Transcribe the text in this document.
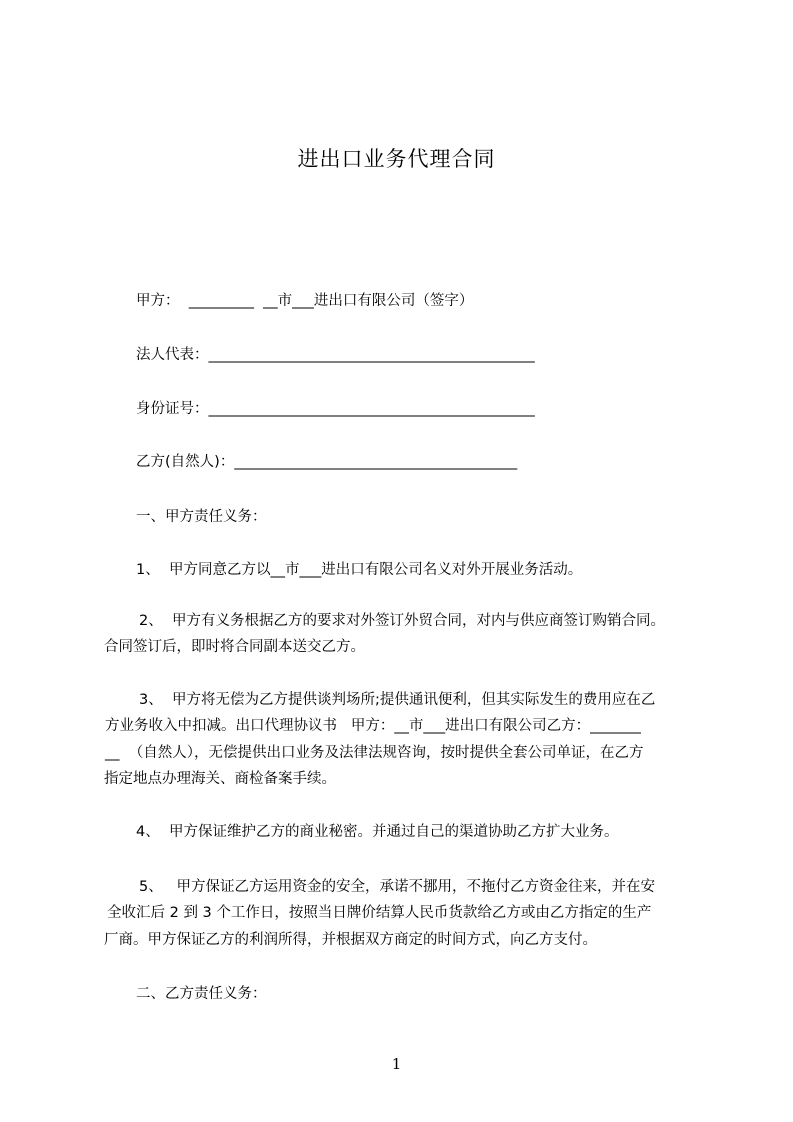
进出口业务代理合同
甲方：  _________  __市___进出口有限公司（签字）
法人代表：_____________________________________________
身份证号：_____________________________________________
乙方(自然人)：_______________________________________
一、甲方责任义务：
1、  甲方同意乙方以__市___进出口有限公司名义对外开展业务活动。
2、  甲方有义务根据乙方的要求对外签订外贸合同，对内与供应商签订购销合同。
合同签订后，即时将合同副本送交乙方。
3、  甲方将无偿为乙方提供谈判场所;提供通讯便利，但其实际发生的费用应在乙
方业务收入中扣减。出口代理协议书   甲方：__市___进出口有限公司乙方：_______
__  （自然人），无偿提供出口业务及法律法规咨询，按时提供全套公司单证，在乙方
指定地点办理海关、商检备案手续。
4、  甲方保证维护乙方的商业秘密。并通过自己的渠道协助乙方扩大业务。
5、   甲方保证乙方运用资金的安全，承诺不挪用，不拖付乙方资金往来，并在安
全收汇后 2 到 3 个工作日，按照当日牌价结算人民币货款给乙方或由乙方指定的生产
厂商。甲方保证乙方的利润所得，并根据双方商定的时间方式，向乙方支付。
二、乙方责任义务：
1
